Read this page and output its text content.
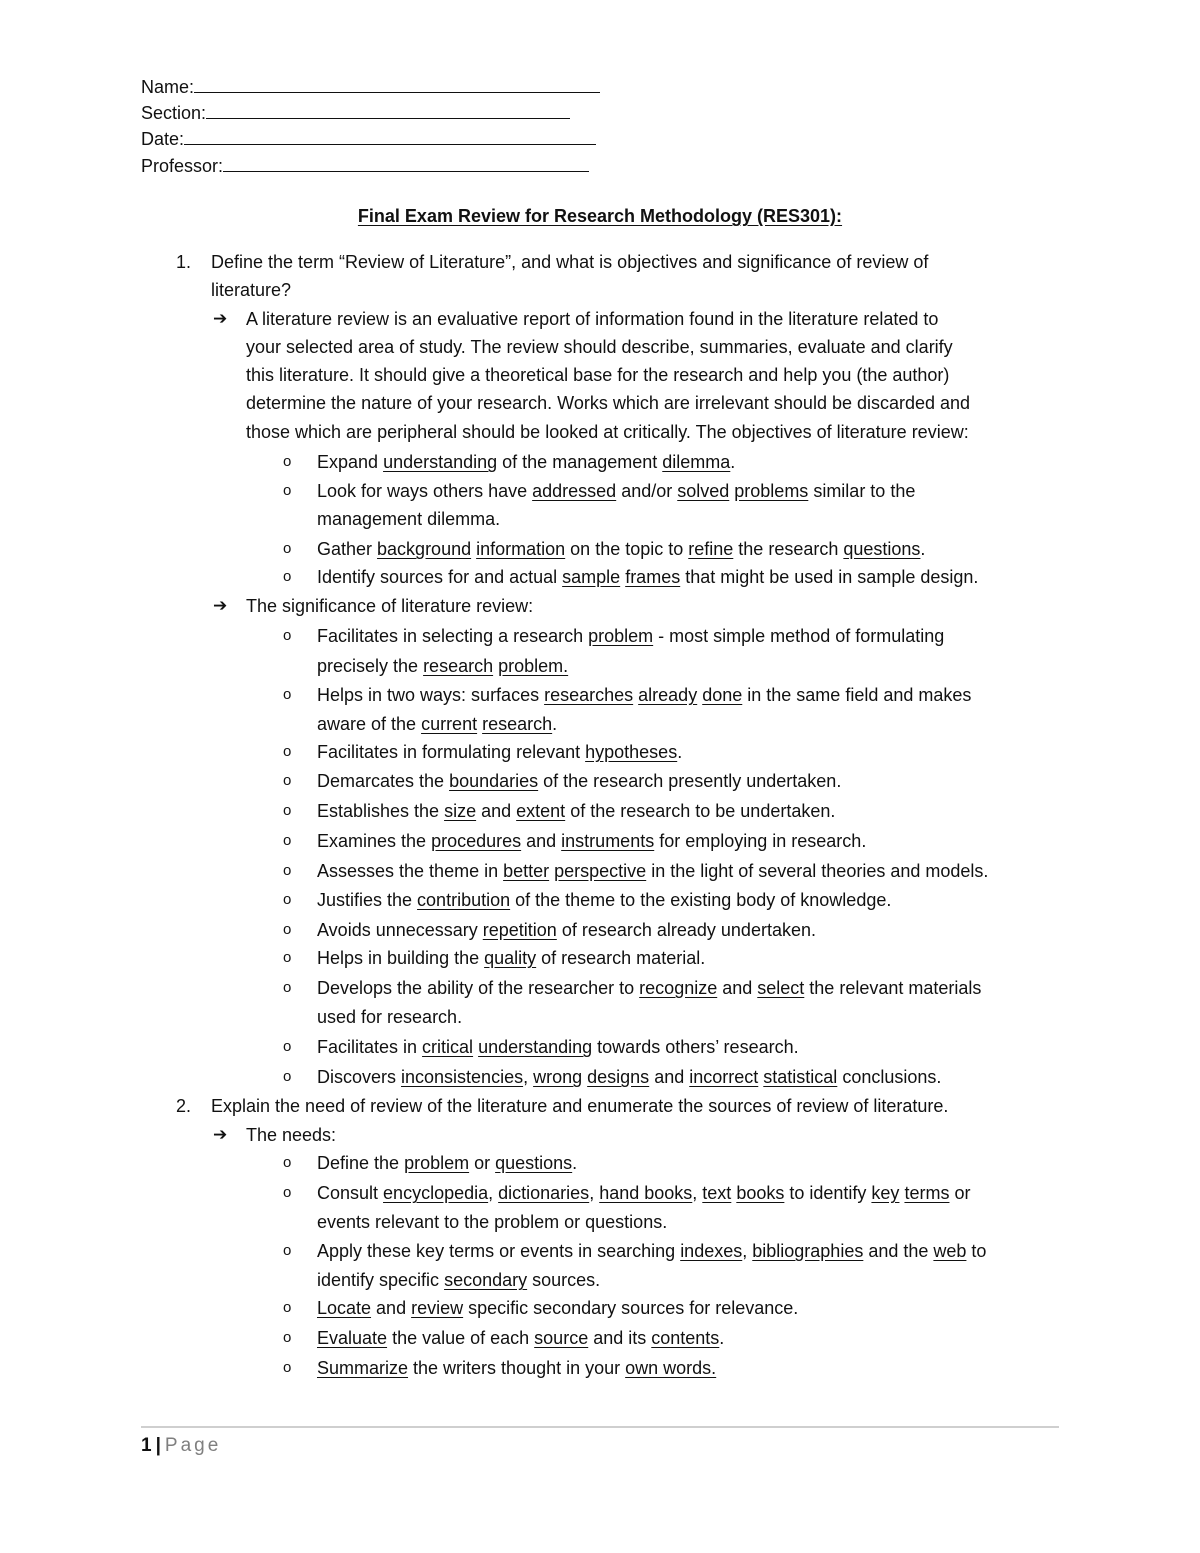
Name:
Section:
Date:
Professor:
Final Exam Review for Research Methodology (RES301):
1. Define the term “Review of Literature”, and what is objectives and significance of review of
literature?
➔ A literature review is an evaluative report of information found in the literature related to
your selected area of study. The review should describe, summaries, evaluate and clarify
this literature. It should give a theoretical base for the research and help you (the author)
determine the nature of your research. Works which are irrelevant should be discarded and
those which are peripheral should be looked at critically. The objectives of literature review:
o Expand understanding of the management dilemma.
o Look for ways others have addressed and/or solved problems similar to the
management dilemma.
o Gather background information on the topic to refine the research questions.
o Identify sources for and actual sample frames that might be used in sample design.
➔ The significance of literature review:
o Facilitates in selecting a research problem - most simple method of formulating
precisely the research problem.
o Helps in two ways: surfaces researches already done in the same field and makes
aware of the current research.
o Facilitates in formulating relevant hypotheses.
o Demarcates the boundaries of the research presently undertaken.
o Establishes the size and extent of the research to be undertaken.
o Examines the procedures and instruments for employing in research.
o Assesses the theme in better perspective in the light of several theories and models.
o Justifies the contribution of the theme to the existing body of knowledge.
o Avoids unnecessary repetition of research already undertaken.
o Helps in building the quality of research material.
o Develops the ability of the researcher to recognize and select the relevant materials
used for research.
o Facilitates in critical understanding towards others’ research.
o Discovers inconsistencies, wrong designs and incorrect statistical conclusions.
2. Explain the need of review of the literature and enumerate the sources of review of literature.
➔ The needs:
o Define the problem or questions.
o Consult encyclopedia, dictionaries, hand books, text books to identify key terms or
events relevant to the problem or questions.
o Apply these key terms or events in searching indexes, bibliographies and the web to
identify specific secondary sources.
o Locate and review specific secondary sources for relevance.
o Evaluate the value of each source and its contents.
o Summarize the writers thought in your own words.
1 | Page
